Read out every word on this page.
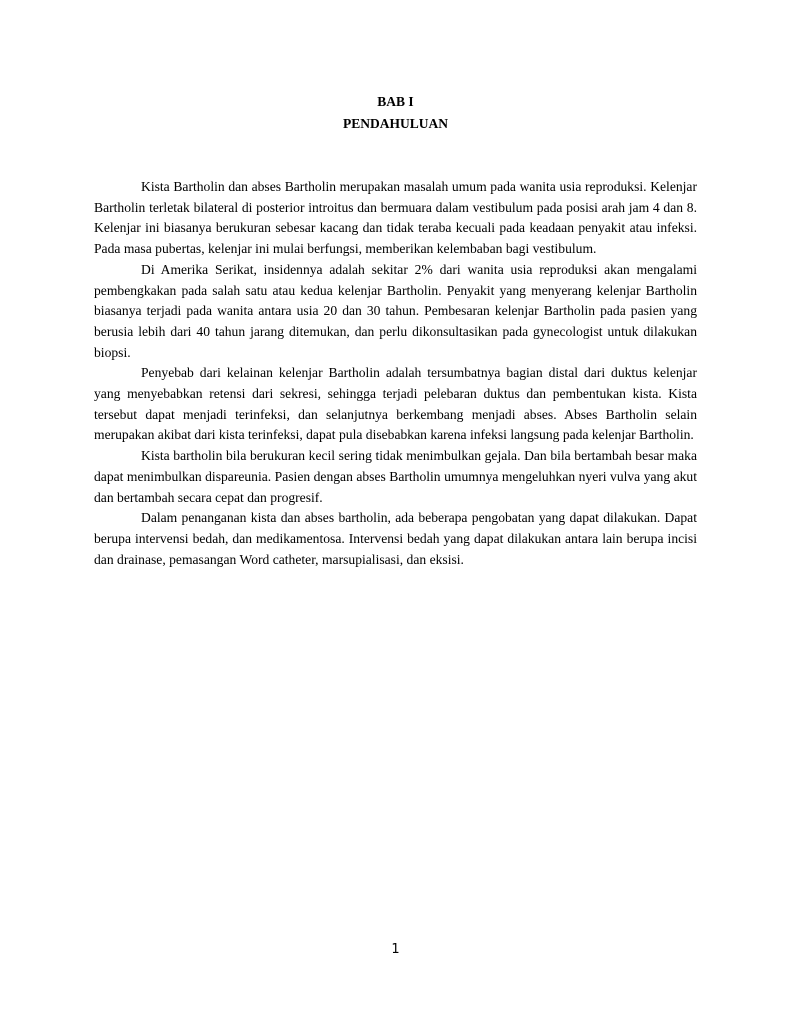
BAB I
PENDAHULUAN

Kista Bartholin dan abses Bartholin merupakan masalah umum pada wanita usia reproduksi. Kelenjar Bartholin terletak bilateral di posterior introitus dan bermuara dalam vestibulum pada posisi arah jam 4 dan 8. Kelenjar ini biasanya berukuran sebesar kacang dan tidak teraba kecuali pada keadaan penyakit atau infeksi. Pada masa pubertas, kelenjar ini mulai berfungsi, memberikan kelembaban bagi vestibulum.

Di Amerika Serikat, insidennya adalah sekitar 2% dari wanita usia reproduksi akan mengalami pembengkakan pada salah satu atau kedua kelenjar Bartholin. Penyakit yang menyerang kelenjar Bartholin biasanya terjadi pada wanita antara usia 20 dan 30 tahun. Pembesaran kelenjar Bartholin pada pasien yang berusia lebih dari 40 tahun jarang ditemukan, dan perlu dikonsultasikan pada gynecologist untuk dilakukan biopsi.

Penyebab dari kelainan kelenjar Bartholin adalah tersumbatnya bagian distal dari duktus kelenjar yang menyebabkan retensi dari sekresi, sehingga terjadi pelebaran duktus dan pembentukan kista. Kista tersebut dapat menjadi terinfeksi, dan selanjutnya berkembang menjadi abses. Abses Bartholin selain merupakan akibat dari kista terinfeksi, dapat pula disebabkan karena infeksi langsung pada kelenjar Bartholin.

Kista bartholin bila berukuran kecil sering tidak menimbulkan gejala. Dan bila bertambah besar maka dapat menimbulkan dispareunia. Pasien dengan abses Bartholin umumnya mengeluhkan nyeri vulva yang akut dan bertambah secara cepat dan progresif.

Dalam penanganan kista dan abses bartholin, ada beberapa pengobatan yang dapat dilakukan. Dapat berupa intervensi bedah, dan medikamentosa. Intervensi bedah yang dapat dilakukan antara lain berupa incisi dan drainase, pemasangan Word catheter, marsupialisasi, dan eksisi.

1
